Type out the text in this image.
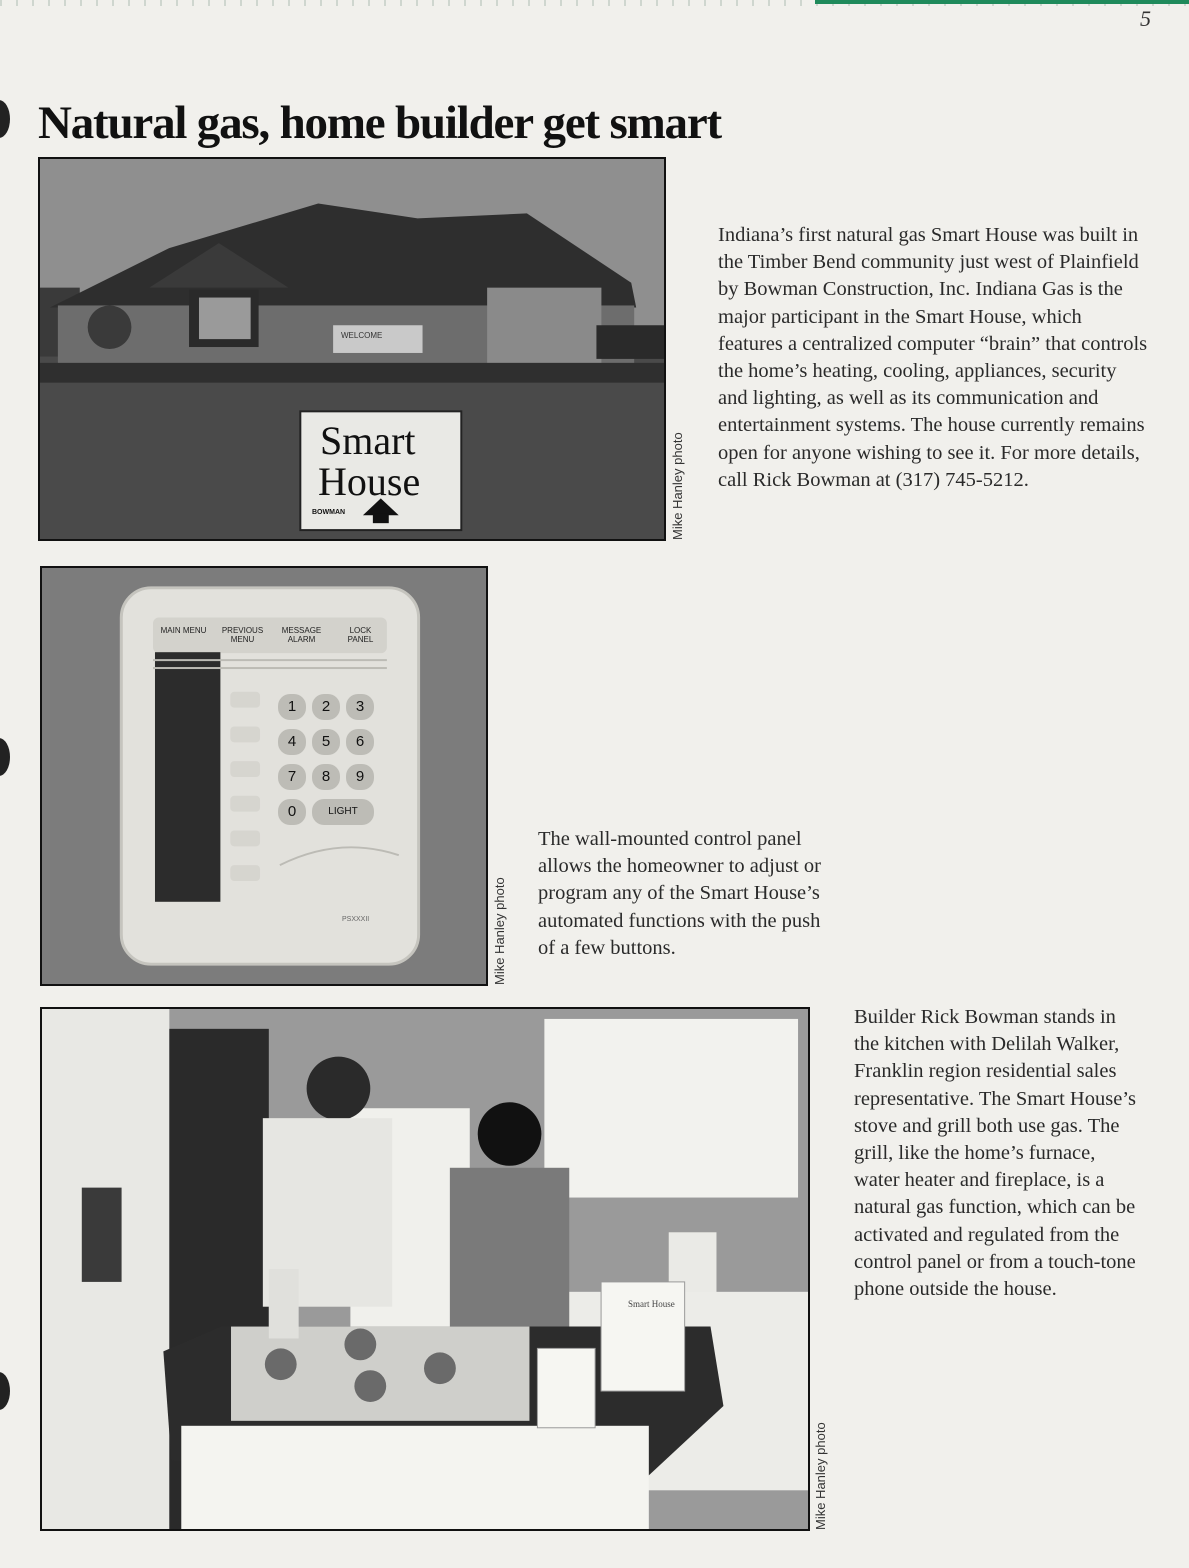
5
Natural gas, home builder get smart
Smart
House
BOWMAN
WELCOME
Mike Hanley photo

Indiana’s first natural gas Smart House was built in the Timber Bend community just west of Plainfield by Bowman Construction, Inc. Indiana Gas is the major participant in the Smart House, which features a centralized computer “brain” that controls the home’s heating, cooling, appliances, security and lighting, as well as its communication and entertainment systems. The house currently remains open for anyone wishing to see it. For more details, call Rick Bowman at (317) 745-5212.

MAIN MENU	PREVIOUS MENU
MESSAGE ALARM
LOCK PANEL
1	2	3
4	5	6
7	8	9
0	LIGHT
PSXXXII	Mike Hanley photo

The wall-mounted control panel allows the homeowner to adjust or program any of the Smart House’s automated functions with the push of a few buttons.

Smart House
Mike Hanley photo

Builder Rick Bowman stands in the kitchen with Delilah Walker, Franklin region residential sales representative. The Smart House’s stove and grill both use gas. The grill, like the home’s furnace, water heater and fireplace, is a natural gas function, which can be activated and regulated from the control panel or from a touch-tone phone outside the house.
